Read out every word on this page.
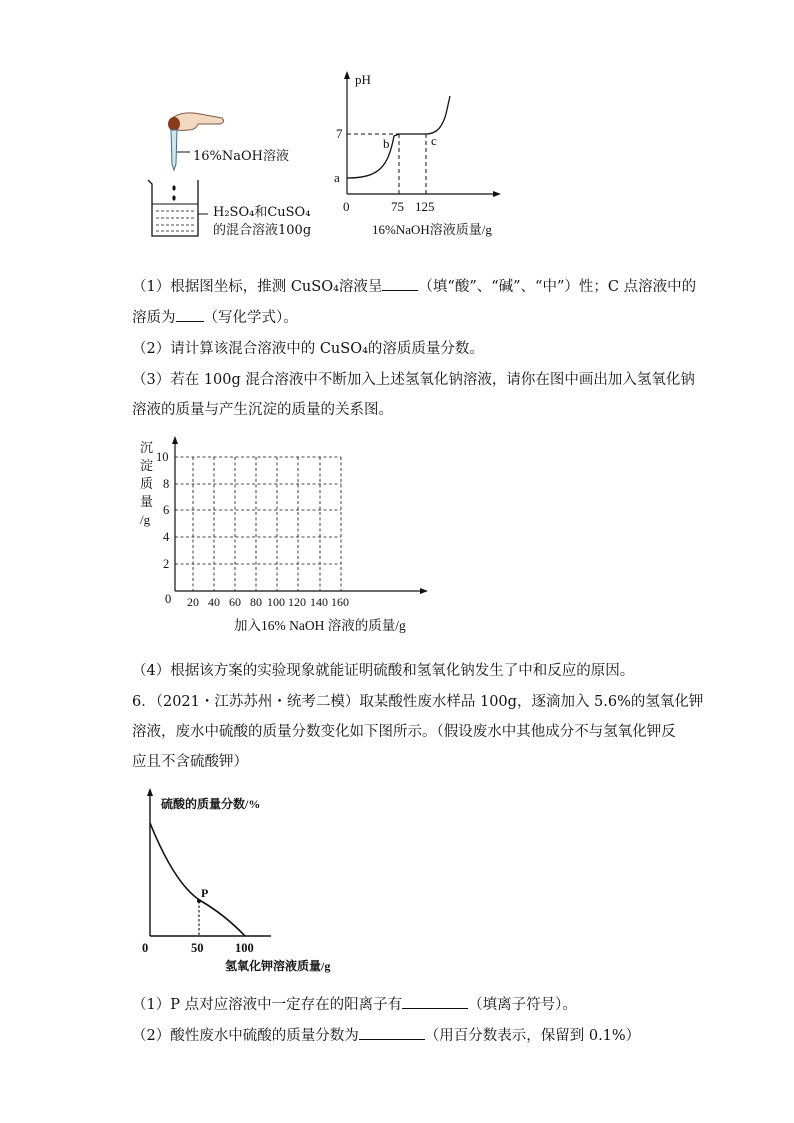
16%NaOH溶液
H₂SO₄和CuSO₄
的混合溶液100g
pH
7
a
b	c
0	75 125
16%NaOH溶液质量/g
（1）根据图坐标，推测 CuSO₄溶液呈 （填“酸”、“碱”、“中”）性；C 点溶液中的
溶质为 （写化学式）。
（2）请计算该混合溶液中的 CuSO₄的溶质质量分数。
（3）若在 100g 混合溶液中不断加入上述氢氧化钠溶液，请你在图中画出加入氢氧化钠
溶液的质量与产生沉淀的质量的关系图。
沉
淀
质
量
/g
10
8
6
4
2
0 20 40 60 80 100 120 140 160
加入16% NaOH 溶液的质量/g
（4）根据该方案的实验现象就能证明硫酸和氢氧化钠发生了中和反应的原因。
6．（2021・江苏苏州・统考二模）取某酸性废水样品 100g，逐滴加入 5.6%的氢氧化钾
溶液，废水中硫酸的质量分数变化如下图所示。（假设废水中其他成分不与氢氧化钾反
应且不含硫酸钾）
硫酸的质量分数/%
P
0	50	100
氢氧化钾溶液质量/g
（1）P 点对应溶液中一定存在的阳离子有	（填离子符号）。
（2）酸性废水中硫酸的质量分数为	（用百分数表示，保留到 0.1%）
